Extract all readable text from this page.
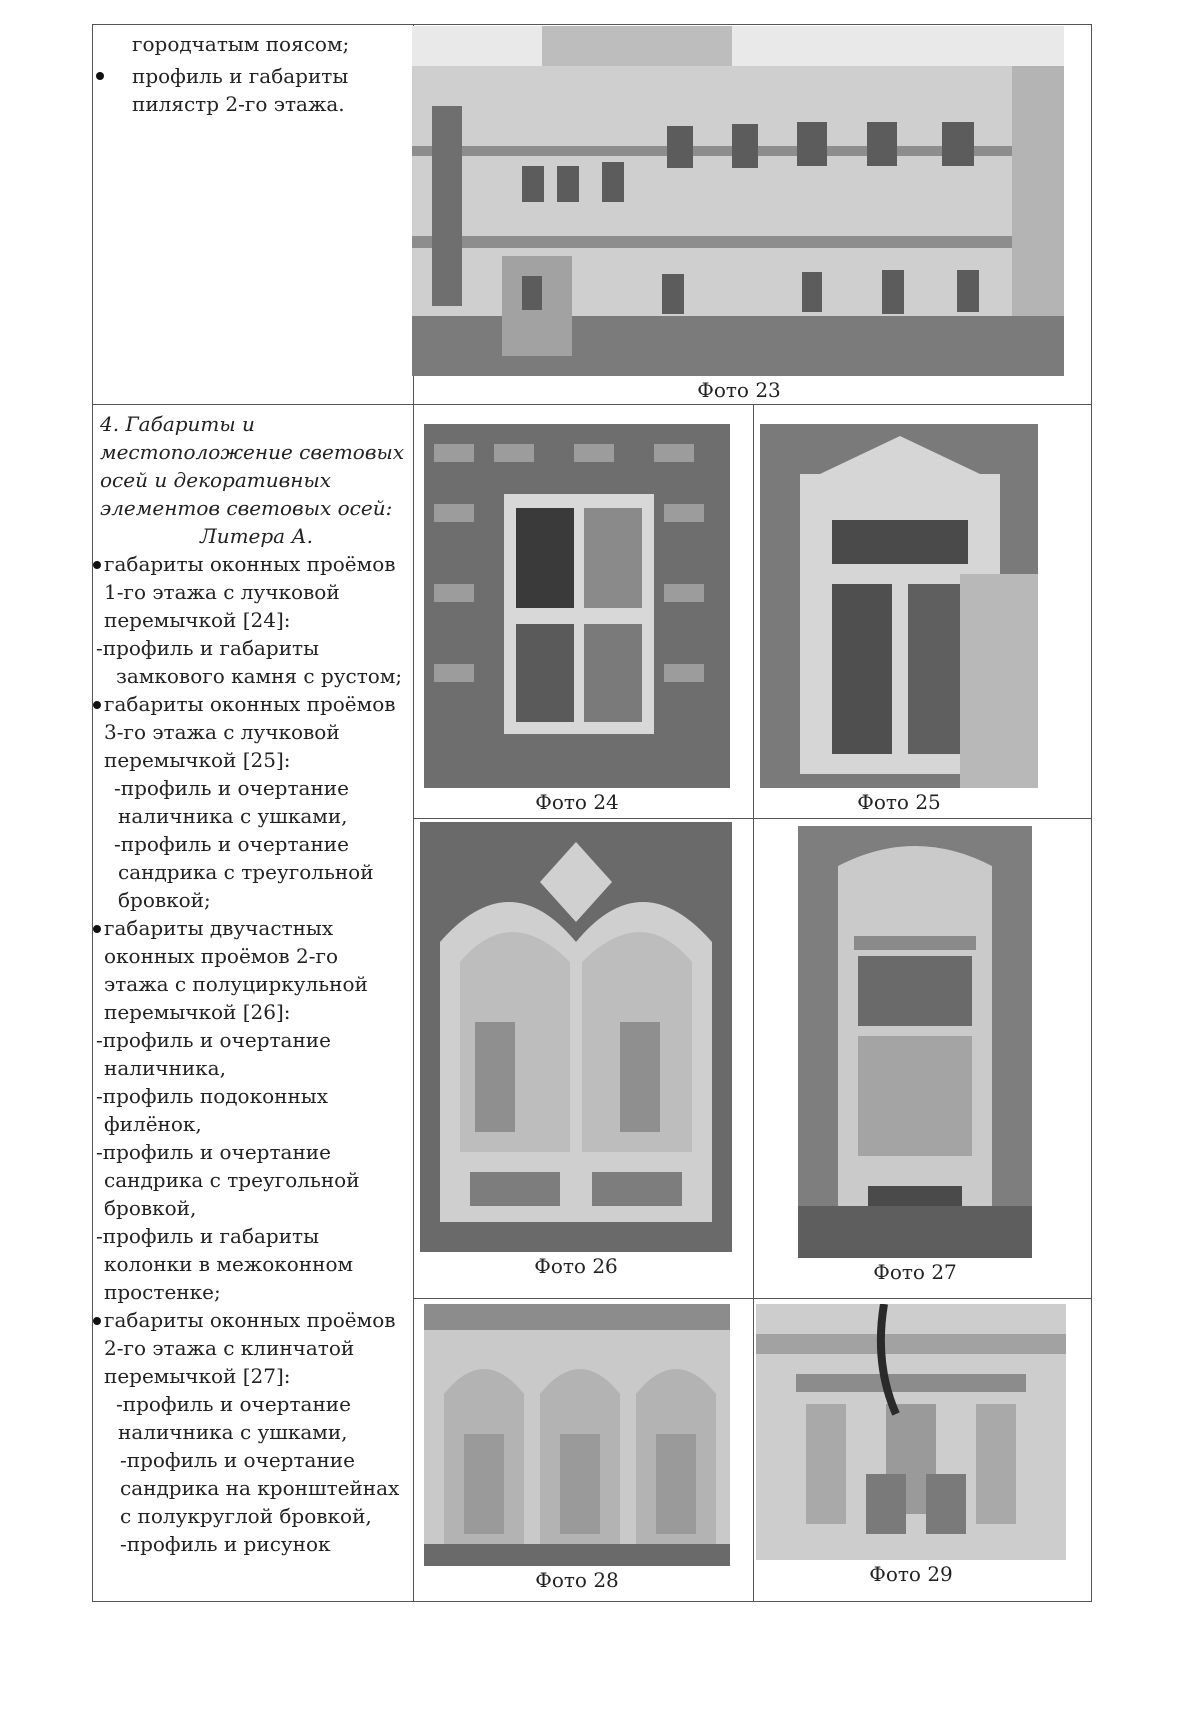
городчатым поясом;
профиль и габариты
пилястр 2-го этажа.
Фото 23
4. Габариты и
местоположение световых
осей и декоративных
элементов световых осей:
Литера А.
габариты оконных проёмов
1-го этажа с лучковой
перемычкой [24]:
-профиль и габариты
замкового камня с рустом;
габариты оконных проёмов
3-го этажа с лучковой
перемычкой [25]:
-профиль и очертание
наличника с ушками,
-профиль и очертание
сандрика с треугольной
бровкой;
габариты двучастных
оконных проёмов 2-го
этажа с полуциркульной
перемычкой [26]:
-профиль и очертание
наличника,
-профиль подоконных
филёнок,
-профиль и очертание
сандрика с треугольной
бровкой,
-профиль и габариты
колонки в межоконном
простенке;
габариты оконных проёмов
2-го этажа с клинчатой
перемычкой [27]:
-профиль и очертание
наличника с ушками,
-профиль и очертание
сандрика на кронштейнах
с полукруглой бровкой,
-профиль и рисунок
Фото 24	Фото 25
Фото 26	Фото 27
Фото 28	Фото 29
